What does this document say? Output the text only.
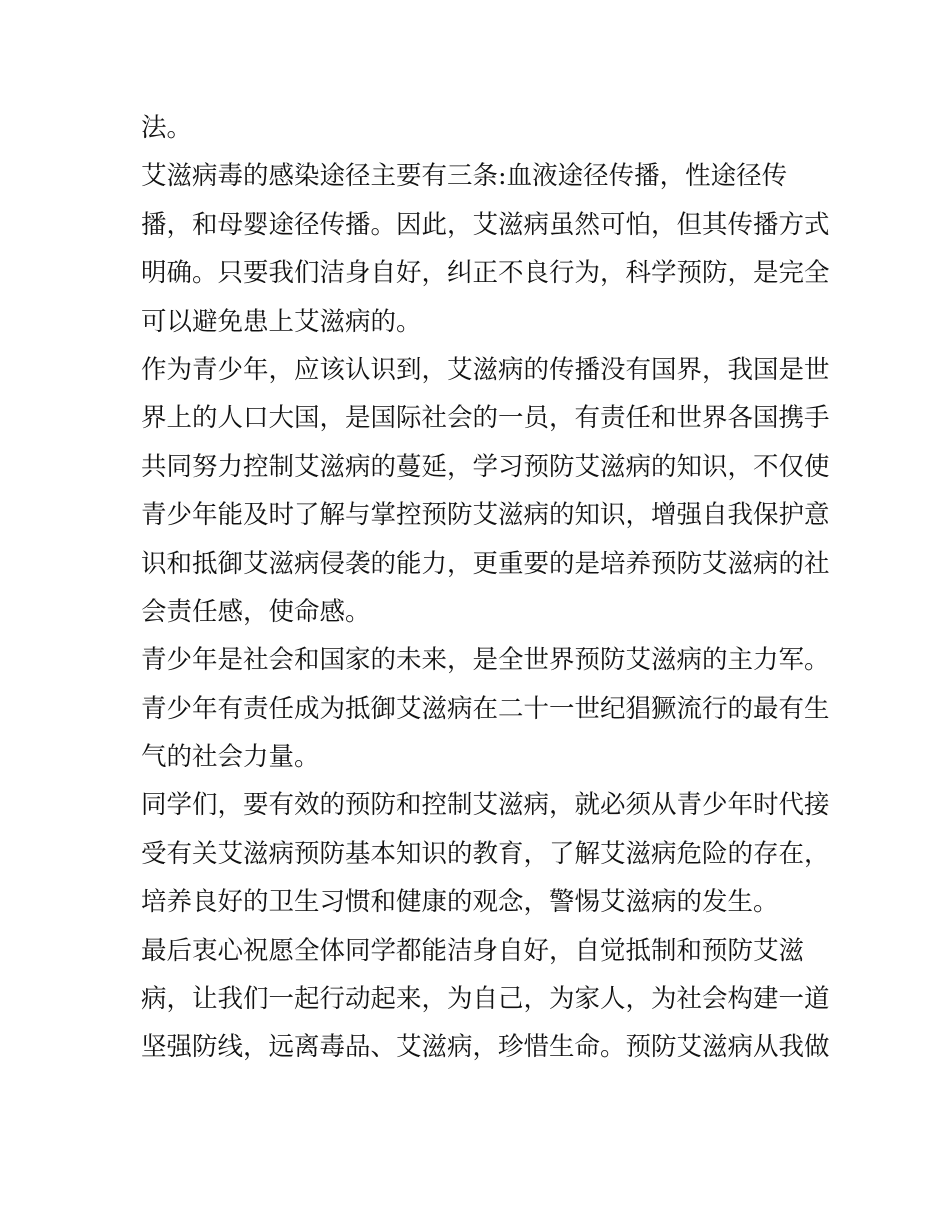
法。
艾滋病毒的感染途径主要有三条:血液途径传播，性途径传
播，和母婴途径传播。因此，艾滋病虽然可怕，但其传播方式
明确。只要我们洁身自好，纠正不良行为，科学预防，是完全
可以避免患上艾滋病的。
作为青少年，应该认识到，艾滋病的传播没有国界，我国是世
界上的人口大国，是国际社会的一员，有责任和世界各国携手
共同努力控制艾滋病的蔓延，学习预防艾滋病的知识，不仅使
青少年能及时了解与掌控预防艾滋病的知识，增强自我保护意
识和抵御艾滋病侵袭的能力，更重要的是培养预防艾滋病的社
会责任感，使命感。
青少年是社会和国家的未来，是全世界预防艾滋病的主力军。
青少年有责任成为抵御艾滋病在二十一世纪猖獗流行的最有生
气的社会力量。
同学们，要有效的预防和控制艾滋病，就必须从青少年时代接
受有关艾滋病预防基本知识的教育，了解艾滋病危险的存在，
培养良好的卫生习惯和健康的观念，警惕艾滋病的发生。
最后衷心祝愿全体同学都能洁身自好，自觉抵制和预防艾滋
病，让我们一起行动起来，为自己，为家人，为社会构建一道
坚强防线，远离毒品、艾滋病，珍惜生命。预防艾滋病从我做
